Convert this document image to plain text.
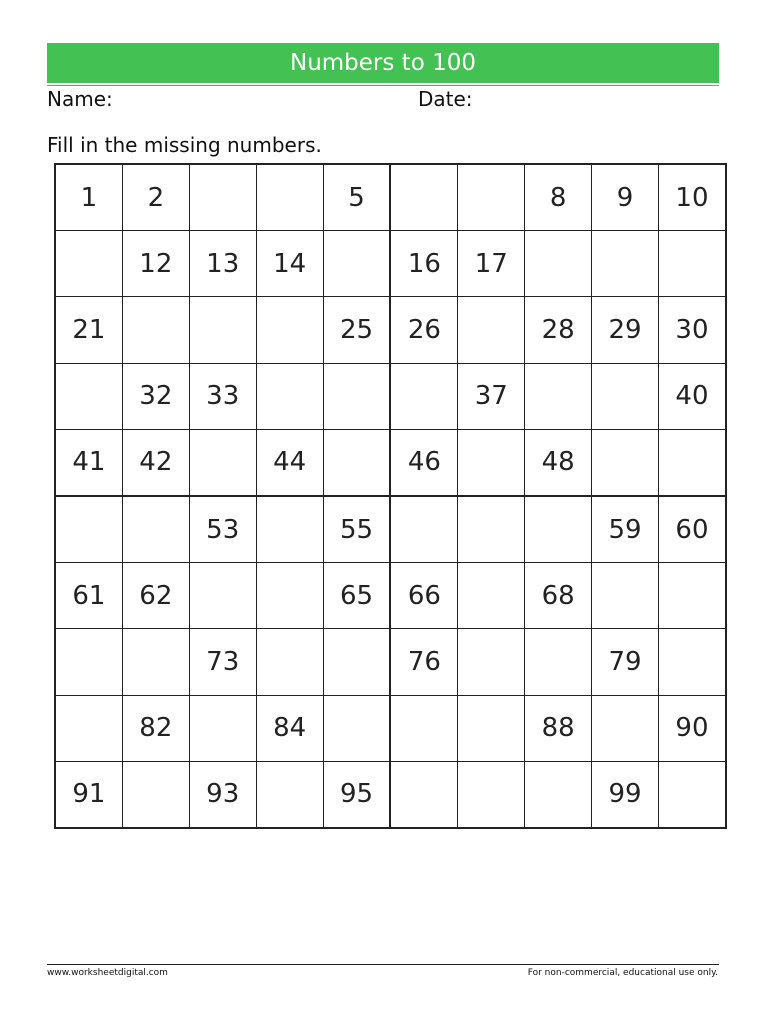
Numbers to 100
Name:	Date:
Fill in the missing numbers.
1	2			5			8	9	10
	12	13	14		16	17			
21				25	26		28	29	30
	32	33				37			40
41	42		44		46		48		
		53		55				59	60
61	62			65	66		68		
		73			76			79	
	82		84				88		90
91		93		95				99	
www.worksheetdigital.com	For non-commercial, educational use only.
